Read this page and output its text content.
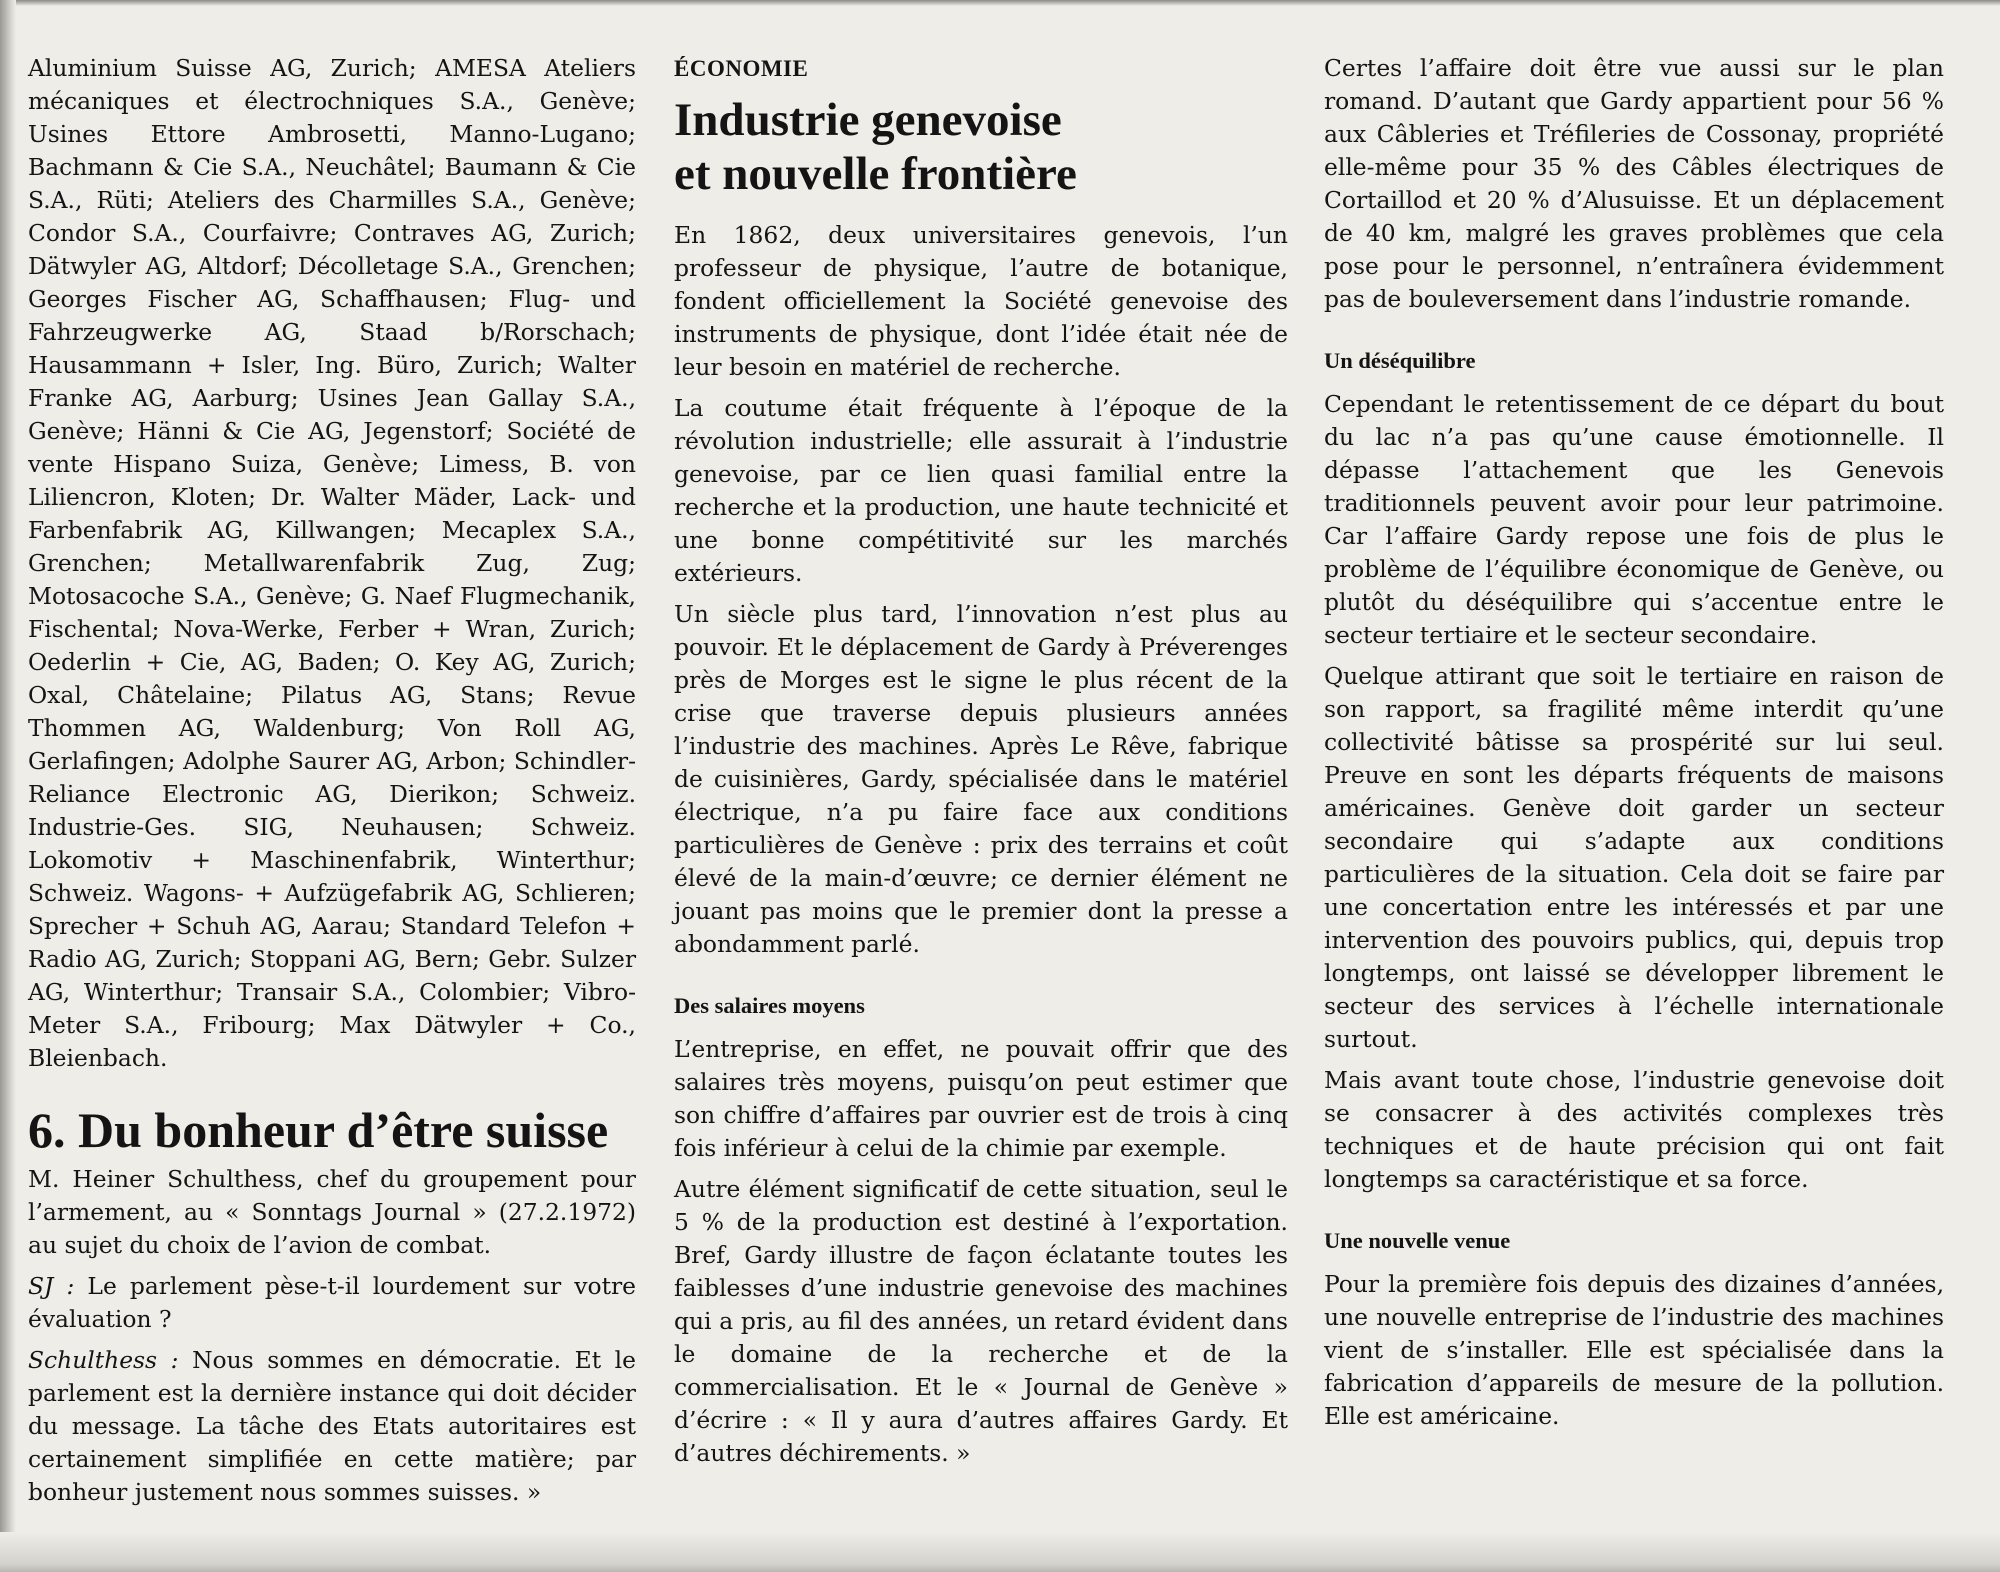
Aluminium Suisse AG, Zurich; AMESA Ateliers mécaniques et électrochniques S.A., Genève; Usines Ettore Ambrosetti, Manno-Lugano; Bachmann & Cie S.A., Neuchâtel; Baumann & Cie S.A., Rüti; Ateliers des Charmilles S.A., Genève; Condor S.A., Courfaivre; Contraves AG, Zurich; Dätwyler AG, Altdorf; Décolletage S.A., Grenchen; Georges Fischer AG, Schaffhausen; Flug- und Fahrzeugwerke AG, Staad b/Rorschach; Hausammann + Isler, Ing. Büro, Zurich; Walter Franke AG, Aarburg; Usines Jean Gallay S.A., Genève; Hänni & Cie AG, Jegenstorf; Société de vente Hispano Suiza, Genève; Limess, B. von Liliencron, Kloten; Dr. Walter Mäder, Lack- und Farbenfabrik AG, Killwangen; Mecaplex S.A., Grenchen; Metallwarenfabrik Zug, Zug; Motosacoche S.A., Genève; G. Naef Flugmechanik, Fischental; Nova-Werke, Ferber + Wran, Zurich; Oederlin + Cie, AG, Baden; O. Key AG, Zurich; Oxal, Châtelaine; Pilatus AG, Stans; Revue Thommen AG, Waldenburg; Von Roll AG, Gerlafingen; Adolphe Saurer AG, Arbon; Schindler-Reliance Electronic AG, Dierikon; Schweiz. Industrie-Ges. SIG, Neuhausen; Schweiz. Lokomotiv + Maschinenfabrik, Winterthur; Schweiz. Wagons- + Aufzügefabrik AG, Schlieren; Sprecher + Schuh AG, Aarau; Standard Telefon + Radio AG, Zurich; Stoppani AG, Bern; Gebr. Sulzer AG, Winterthur; Transair S.A., Colombier; Vibro-Meter S.A., Fribourg; Max Dätwyler + Co., Bleienbach.

6. Du bonheur d’être suisse

M. Heiner Schulthess, chef du groupement pour l’armement, au « Sonntags Journal » (27.2.1972) au sujet du choix de l’avion de combat.

SJ : Le parlement pèse-t-il lourdement sur votre évaluation ?

Schulthess : Nous sommes en démocratie. Et le parlement est la dernière instance qui doit décider du message. La tâche des Etats autoritaires est certainement simplifiée en cette matière; par bonheur justement nous sommes suisses. »

ÉCONOMIE
Industrie genevoise
et nouvelle frontière

En 1862, deux universitaires genevois, l’un professeur de physique, l’autre de botanique, fondent officiellement la Société genevoise des instruments de physique, dont l’idée était née de leur besoin en matériel de recherche.

La coutume était fréquente à l’époque de la révolution industrielle; elle assurait à l’industrie genevoise, par ce lien quasi familial entre la recherche et la production, une haute technicité et une bonne compétitivité sur les marchés extérieurs.

Un siècle plus tard, l’innovation n’est plus au pouvoir. Et le déplacement de Gardy à Préverenges près de Morges est le signe le plus récent de la crise que traverse depuis plusieurs années l’industrie des machines. Après Le Rêve, fabrique de cuisinières, Gardy, spécialisée dans le matériel électrique, n’a pu faire face aux conditions particulières de Genève : prix des terrains et coût élevé de la main-d’œuvre; ce dernier élément ne jouant pas moins que le premier dont la presse a abondamment parlé.

Des salaires moyens

L’entreprise, en effet, ne pouvait offrir que des salaires très moyens, puisqu’on peut estimer que son chiffre d’affaires par ouvrier est de trois à cinq fois inférieur à celui de la chimie par exemple.

Autre élément significatif de cette situation, seul le 5 % de la production est destiné à l’exportation. Bref, Gardy illustre de façon éclatante toutes les faiblesses d’une industrie genevoise des machines qui a pris, au fil des années, un retard évident dans le domaine de la recherche et de la commercialisation. Et le « Journal de Genève » d’écrire : « Il y aura d’autres affaires Gardy. Et d’autres déchirements. »

Certes l’affaire doit être vue aussi sur le plan romand. D’autant que Gardy appartient pour 56 % aux Câbleries et Tréfileries de Cossonay, propriété elle-même pour 35 % des Câbles électriques de Cortaillod et 20 % d’Alusuisse. Et un déplacement de 40 km, malgré les graves problèmes que cela pose pour le personnel, n’entraînera évidemment pas de bouleversement dans l’industrie romande.

Un déséquilibre

Cependant le retentissement de ce départ du bout du lac n’a pas qu’une cause émotionnelle. Il dépasse l’attachement que les Genevois traditionnels peuvent avoir pour leur patrimoine. Car l’affaire Gardy repose une fois de plus le problème de l’équilibre économique de Genève, ou plutôt du déséquilibre qui s’accentue entre le secteur tertiaire et le secteur secondaire.

Quelque attirant que soit le tertiaire en raison de son rapport, sa fragilité même interdit qu’une collectivité bâtisse sa prospérité sur lui seul. Preuve en sont les départs fréquents de maisons américaines. Genève doit garder un secteur secondaire qui s’adapte aux conditions particulières de la situation. Cela doit se faire par une concertation entre les intéressés et par une intervention des pouvoirs publics, qui, depuis trop longtemps, ont laissé se développer librement le secteur des services à l’échelle internationale surtout.

Mais avant toute chose, l’industrie genevoise doit se consacrer à des activités complexes très techniques et de haute précision qui ont fait longtemps sa caractéristique et sa force.

Une nouvelle venue

Pour la première fois depuis des dizaines d’années, une nouvelle entreprise de l’industrie des machines vient de s’installer. Elle est spécialisée dans la fabrication d’appareils de mesure de la pollution. Elle est américaine.
